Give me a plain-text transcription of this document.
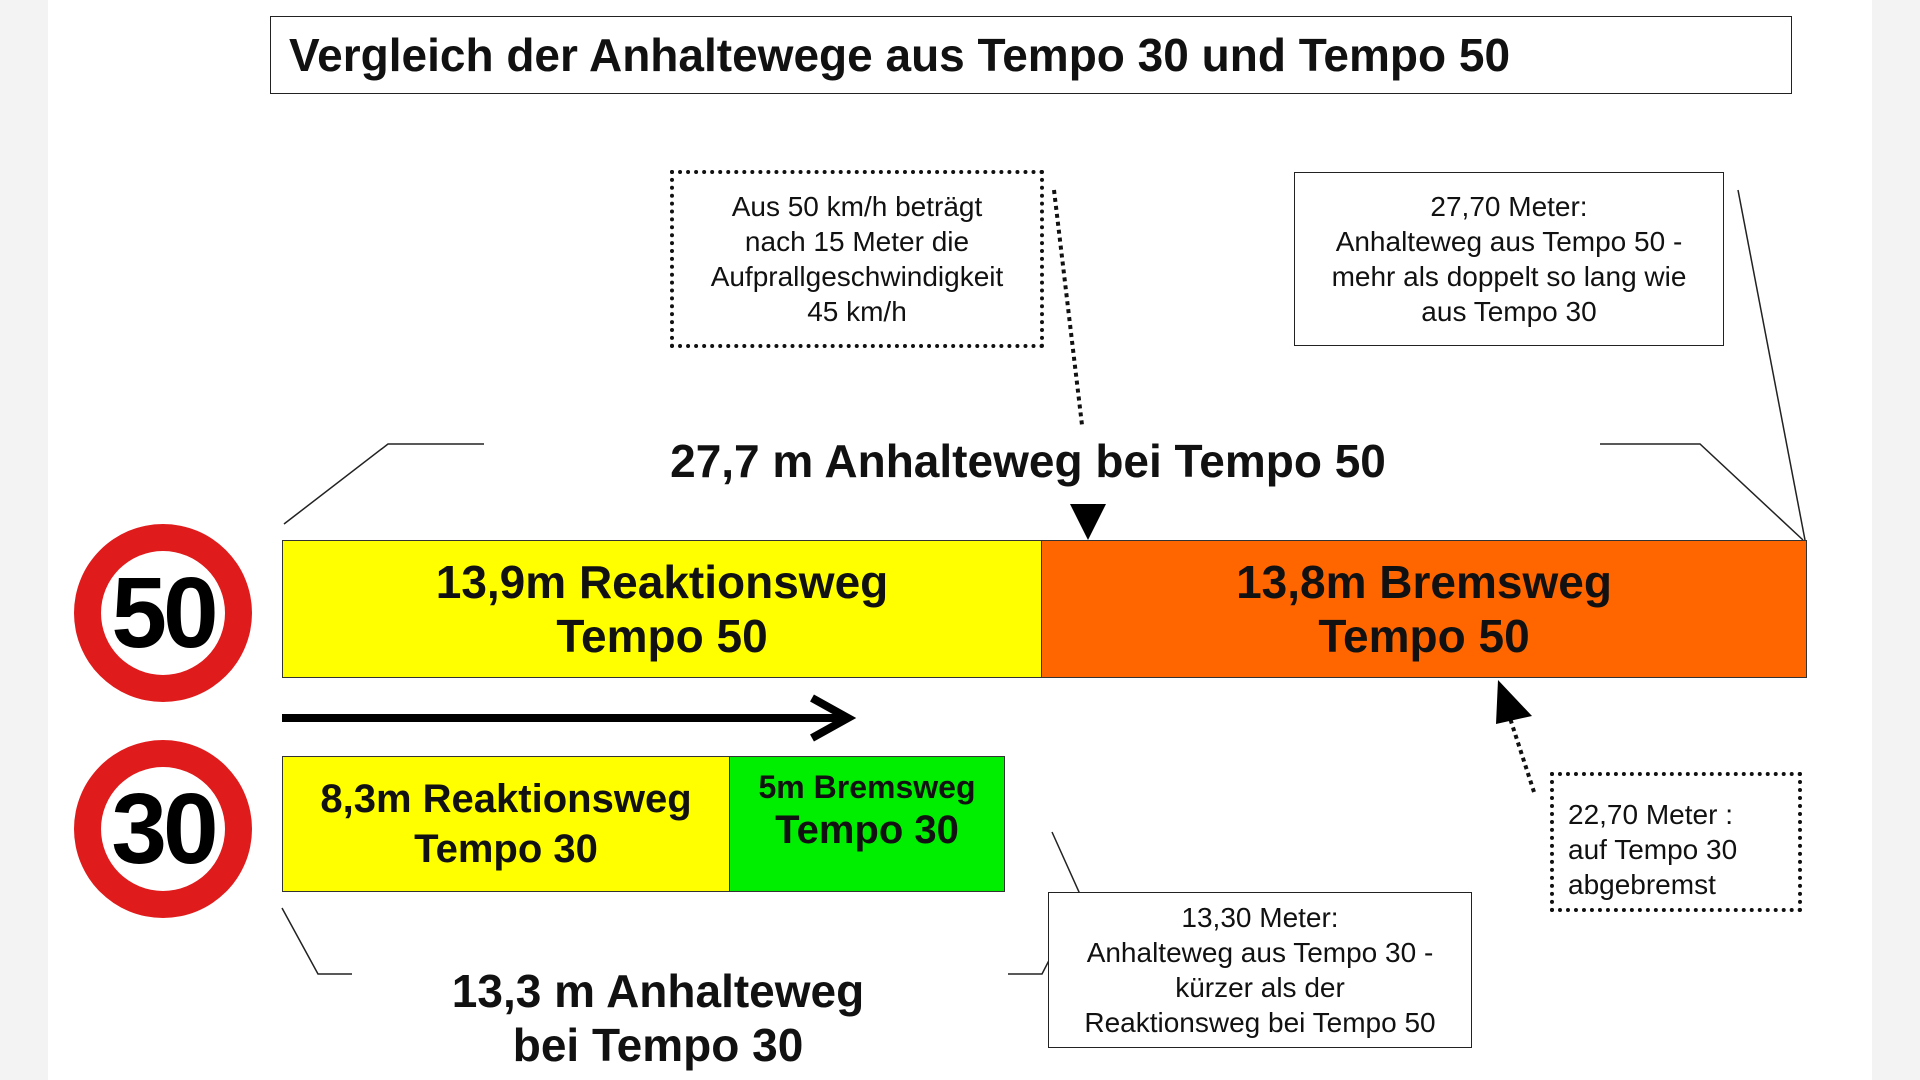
Vergleich der Anhaltewege aus Tempo 30 und Tempo 50
Aus 50 km/h beträgt
nach 15 Meter die
Aufprallgeschwindigkeit
45 km/h
27,70 Meter:
Anhalteweg aus Tempo 50 -
mehr als doppelt so lang wie
aus Tempo 30
27,7 m Anhalteweg bei Tempo 50
50
30
13,9m Reaktionsweg
Tempo 50
13,8m Bremsweg
Tempo 50
8,3m Reaktionsweg
Tempo 30
5m Bremsweg
Tempo 30	22,70 Meter :
auf Tempo 30
abgebremst
13,30 Meter:
Anhalteweg aus Tempo 30 -
kürzer als der
Reaktionsweg bei Tempo 50
13,3 m Anhalteweg
bei Tempo 30
